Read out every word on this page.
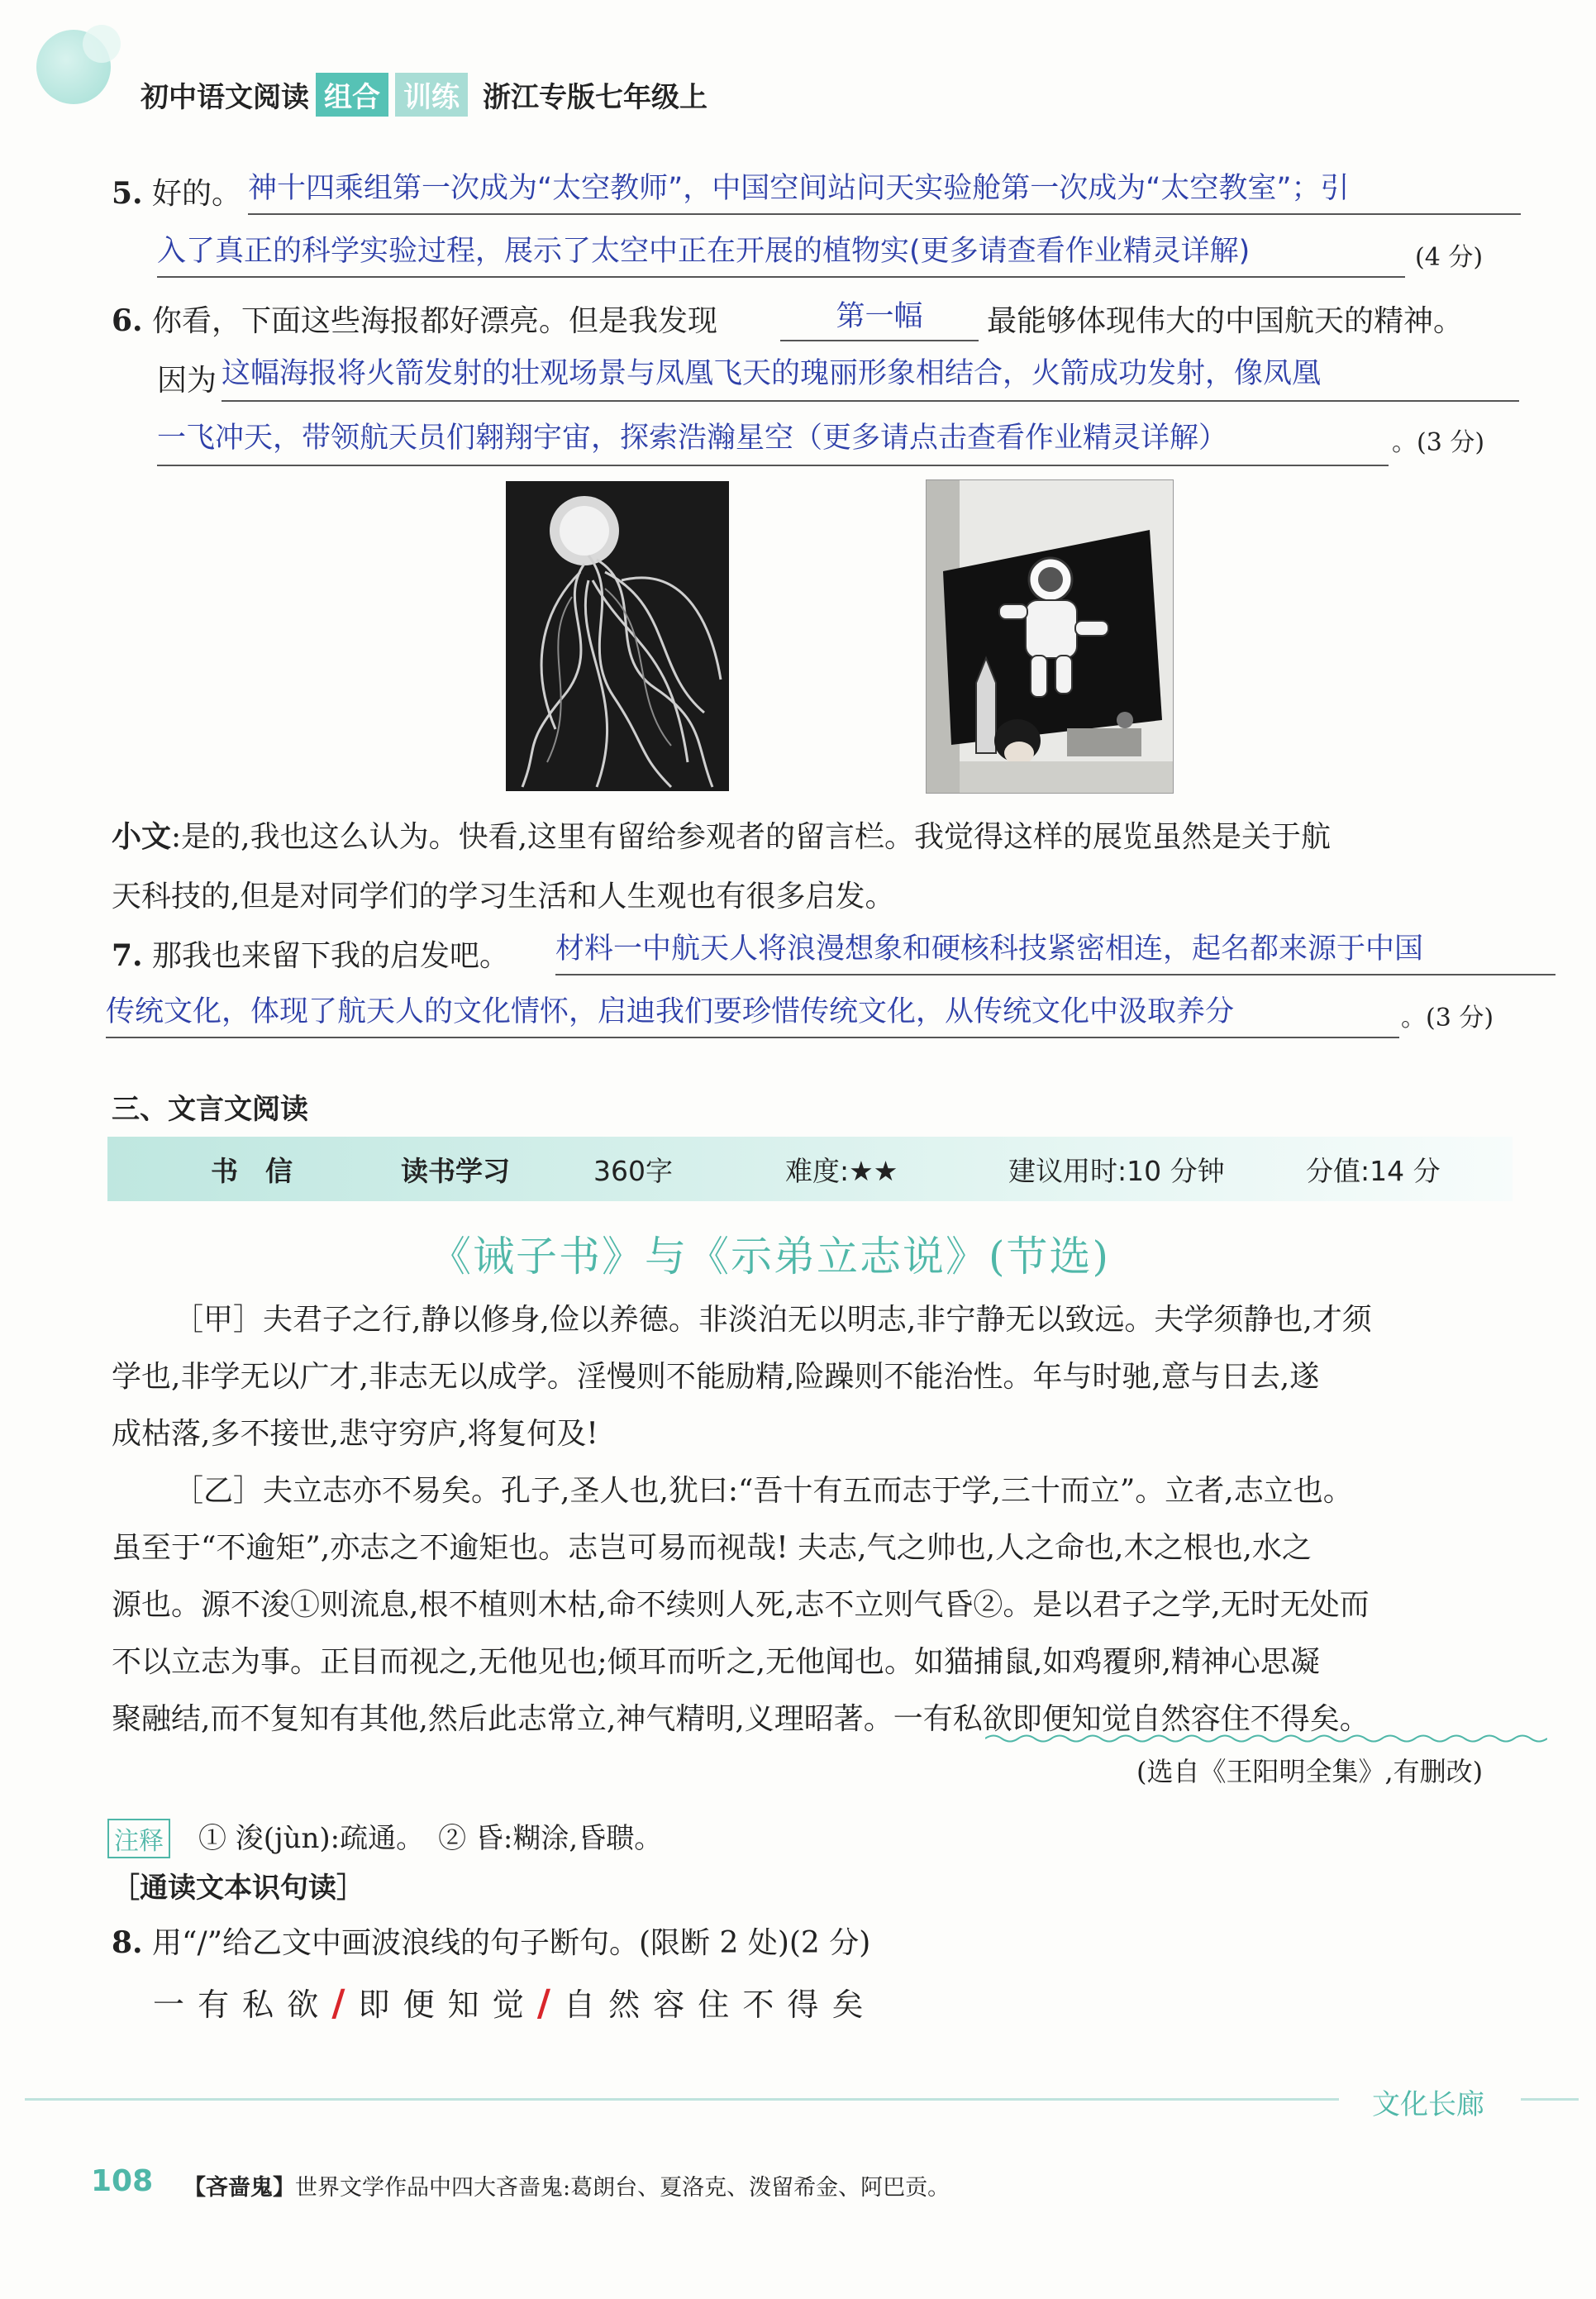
初中语文阅读 组合 训练 浙江专版七年级上
5. 好的。 神十四乘组第一次成为“太空教师”，中国空间站问天实验舱第一次成为“太空教室”；引
入了真正的科学实验过程，展示了太空中正在开展的植物实(更多请查看作业精灵详解)	(4 分)
6. 你看，下面这些海报都好漂亮。但是我发现	第一幅	最能够体现伟大的中国航天的精神。
因为 这幅海报将火箭发射的壮观场景与凤凰飞天的瑰丽形象相结合，火箭成功发射，像凤凰
一飞冲天，带领航天员们翱翔宇宙，探索浩瀚星空（更多请点击查看作业精灵详解）	。(3 分)
小文:是的,我也这么认为。快看,这里有留给参观者的留言栏。我觉得这样的展览虽然是关于航
天科技的,但是对同学们的学习生活和人生观也有很多启发。
7. 那我也来留下我的启发吧。 材料一中航天人将浪漫想象和硬核科技紧密相连，起名都来源于中国
传统文化，体现了航天人的文化情怀，启迪我们要珍惜传统文化，从传统文化中汲取养分	。(3 分)
三、文言文阅读
书　信	读书学习	360字	难度:★★	建议用时:10 分钟	分值:14 分
《诫子书》与《示弟立志说》(节选)
［甲］夫君子之行,静以修身,俭以养德。非淡泊无以明志,非宁静无以致远。夫学须静也,才须
学也,非学无以广才,非志无以成学。淫慢则不能励精,险躁则不能治性。年与时驰,意与日去,遂
成枯落,多不接世,悲守穷庐,将复何及!
［乙］夫立志亦不易矣。孔子,圣人也,犹曰:“吾十有五而志于学,三十而立”。立者,志立也。
虽至于“不逾矩”,亦志之不逾矩也。志岂可易而视哉! 夫志,气之帅也,人之命也,木之根也,水之
源也。源不浚①则流息,根不植则木枯,命不续则人死,志不立则气昏②。是以君子之学,无时无处而
不以立志为事。正目而视之,无他见也;倾耳而听之,无他闻也。如猫捕鼠,如鸡覆卵,精神心思凝
聚融结,而不复知有其他,然后此志常立,神气精明,义理昭著。一有私欲即便知觉自然容住不得矣。
(选自《王阳明全集》,有删改)
注释 ① 浚(jùn):疏通。　② 昏:糊涂,昏聩。
［通读文本识句读］
8. 用“/”给乙文中画波浪线的句子断句。(限断 2 处)(2 分)
一 有 私 欲 / 即 便 知 觉 / 自 然 容 住 不 得 矣
文化长廊
108 【吝啬鬼】世界文学作品中四大吝啬鬼:葛朗台、夏洛克、泼留希金、阿巴贡。
